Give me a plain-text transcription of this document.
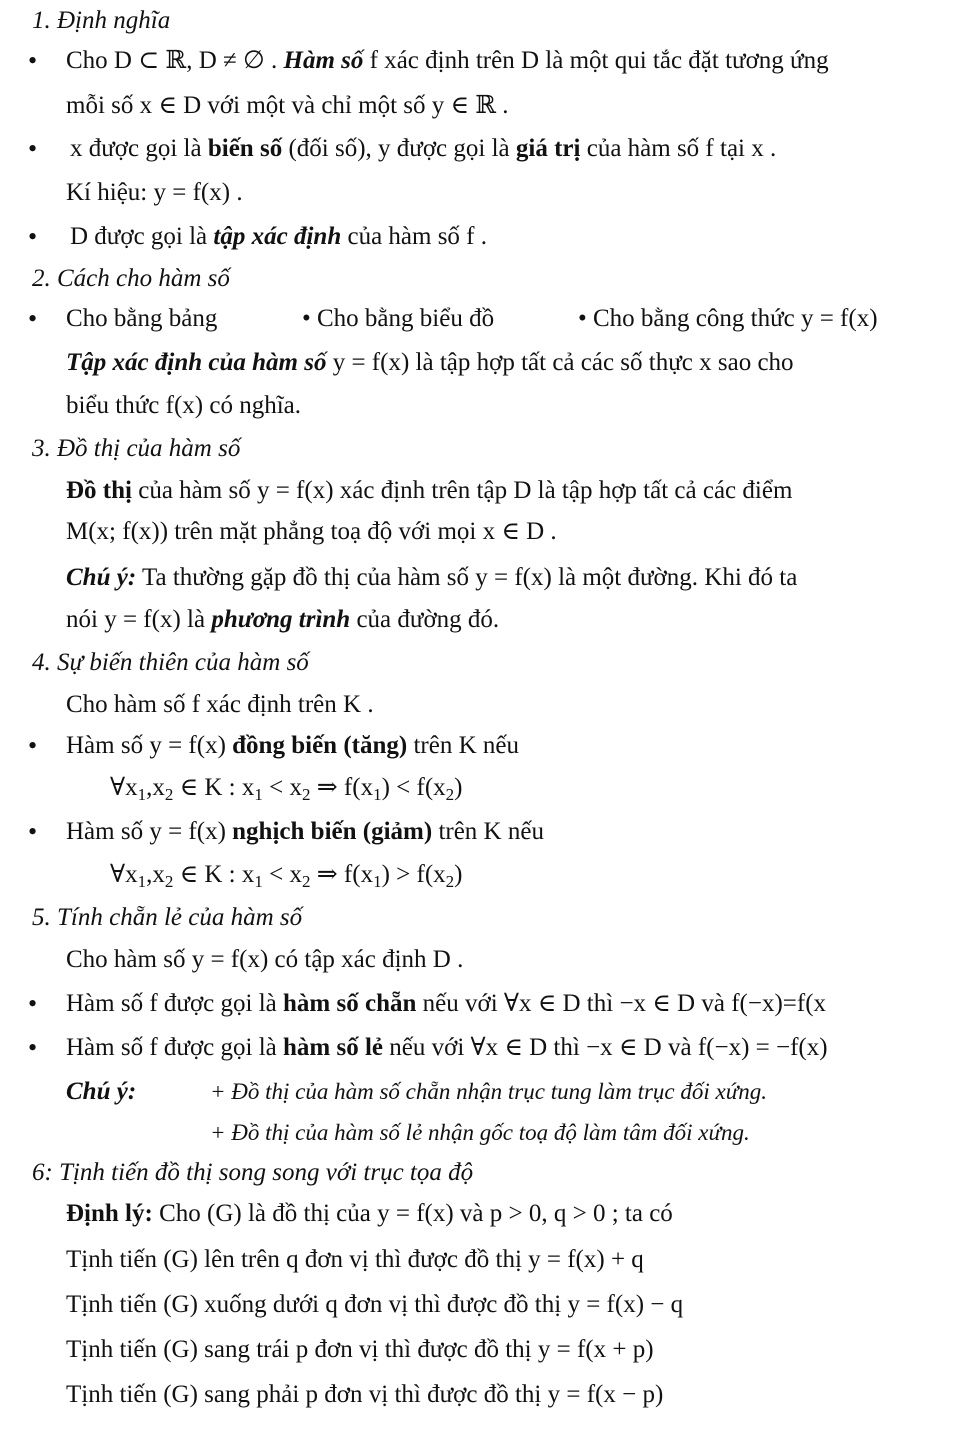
1. Định nghĩa
• Cho D ⊂ ℝ, D ≠ ∅ . Hàm số f xác định trên D là một qui tắc đặt tương ứng
mỗi số x ∈ D với một và chỉ một số y ∈ ℝ .
• x được gọi là biến số (đối số), y được gọi là giá trị của hàm số f tại x .
Kí hiệu: y = f(x) .
• D được gọi là tập xác định của hàm số f .
2. Cách cho hàm số
• Cho bằng bảng	• Cho bằng biểu đồ	• Cho bằng công thức y = f(x)
Tập xác định của hàm số y = f(x) là tập hợp tất cả các số thực x sao cho
biểu thức f(x) có nghĩa.
3. Đồ thị của hàm số
Đồ thị của hàm số y = f(x) xác định trên tập D là tập hợp tất cả các điểm
M(x; f(x)) trên mặt phẳng toạ độ với mọi x ∈ D .
Chú ý: Ta thường gặp đồ thị của hàm số y = f(x) là một đường. Khi đó ta
nói y = f(x) là phương trình của đường đó.
4. Sự biến thiên của hàm số
Cho hàm số f xác định trên K .
• Hàm số y = f(x) đồng biến (tăng) trên K nếu
$\forall x_1,x_2$ ∈ K : $x_1 < x_2$ ⇒ $f(x_1) < f(x_2)$
• Hàm số y = f(x) nghịch biến (giảm) trên K nếu
$\forall x_1,x_2$ ∈ K : $x_1 < x_2$ ⇒ $f(x_1) > f(x_2)$
5. Tính chẵn lẻ của hàm số
Cho hàm số y = f(x) có tập xác định D .
• Hàm số f được gọi là hàm số chẵn nếu với ∀x ∈ D thì −x ∈ D và f(−x)=f(x
• Hàm số f được gọi là hàm số lẻ nếu với ∀x ∈ D thì −x ∈ D và f(−x) = −f(x)
Chú ý:	+ Đồ thị của hàm số chẵn nhận trục tung làm trục đối xứng.
+ Đồ thị của hàm số lẻ nhận gốc toạ độ làm tâm đối xứng.
6: Tịnh tiến đồ thị song song với trục tọa độ
Định lý: Cho (G) là đồ thị của y = f(x) và p > 0, q > 0 ; ta có
Tịnh tiến (G) lên trên q đơn vị thì được đồ thị y = f(x) + q
Tịnh tiến (G) xuống dưới q đơn vị thì được đồ thị y = f(x) − q
Tịnh tiến (G) sang trái p đơn vị thì được đồ thị y = f(x + p)
Tịnh tiến (G) sang phải p đơn vị thì được đồ thị y = f(x − p)
